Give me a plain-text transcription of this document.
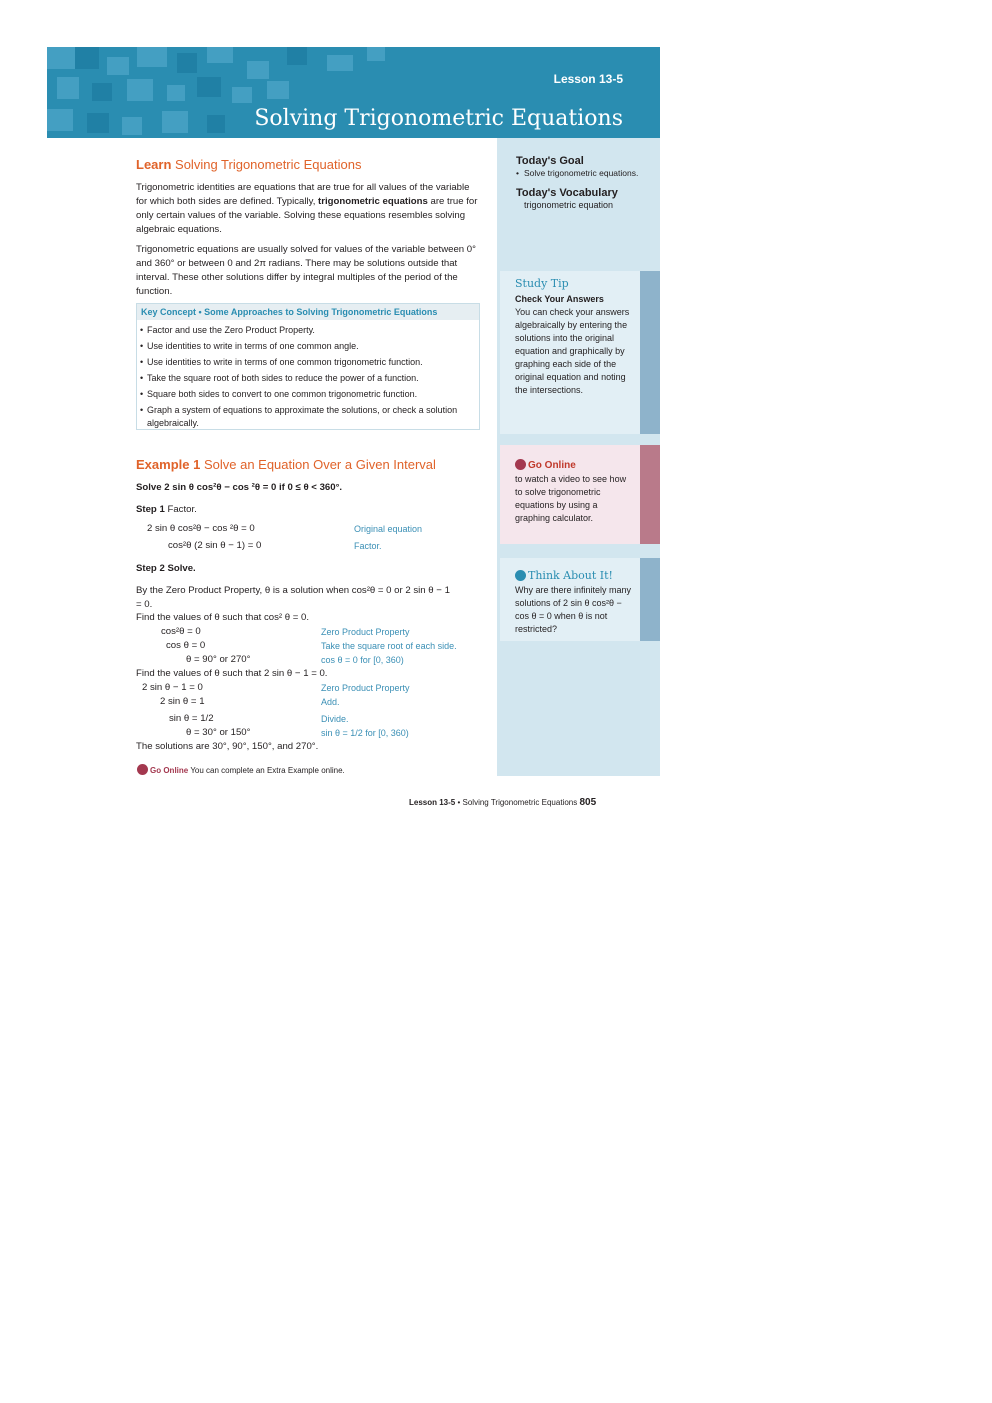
Lesson 13-5
Solving Trigonometric Equations
Today's Goal
• Solve trigonometric equations.
Today's Vocabulary
trigonometric equation
Study Tip
Check Your Answers
You can check your answers algebraically by entering the solutions into the original equation and graphically by graphing each side of the original equation and noting the intersections.
Go Online
to watch a video to see how to solve trigonometric equations by using a graphing calculator.
Think About It!
Why are there infinitely many solutions of 2 sin θ cos²θ − cos θ = 0 when θ is not restricted?
Learn Solving Trigonometric Equations
Trigonometric identities are equations that are true for all values of the variable for which both sides are defined. Typically, trigonometric equations are true for only certain values of the variable. Solving these equations resembles solving algebraic equations.
Trigonometric equations are usually solved for values of the variable between 0° and 360° or between 0 and 2π radians. There may be solutions outside that interval. These other solutions differ by integral multiples of the period of the function.
Key Concept • Some Approaches to Solving Trigonometric Equations
• Factor and use the Zero Product Property.
• Use identities to write in terms of one common angle.
• Use identities to write in terms of one common trigonometric function.
• Take the square root of both sides to reduce the power of a function.
• Square both sides to convert to one common trigonometric function.
• Graph a system of equations to approximate the solutions, or check a solution algebraically.
Example 1 Solve an Equation Over a Given Interval
Solve 2 sin θ cos²θ − cos ²θ = 0 if 0 ≤ θ < 360°.
Step 1 Factor.
2 sin θ cos²θ − cos ²θ = 0	Original equation
cos²θ (2 sin θ − 1) = 0	Factor.
Step 2 Solve.
By the Zero Product Property, θ is a solution when cos²θ = 0 or 2 sin θ − 1 = 0.
Find the values of θ such that cos² θ = 0.
cos²θ = 0	Zero Product Property
cos θ = 0	Take the square root of each side.
θ = 90° or 270°	cos θ = 0 for [0, 360)
Find the values of θ such that 2 sin θ − 1 = 0.
2 sin θ − 1 = 0	Zero Product Property
2 sin θ = 1	Add.
sin θ = 1/2	Divide.
θ = 30° or 150°	sin θ = 1/2 for [0, 360)
The solutions are 30°, 90°, 150°, and 270°.
Go Online You can complete an Extra Example online.
Lesson 13-5 • Solving Trigonometric Equations 805
